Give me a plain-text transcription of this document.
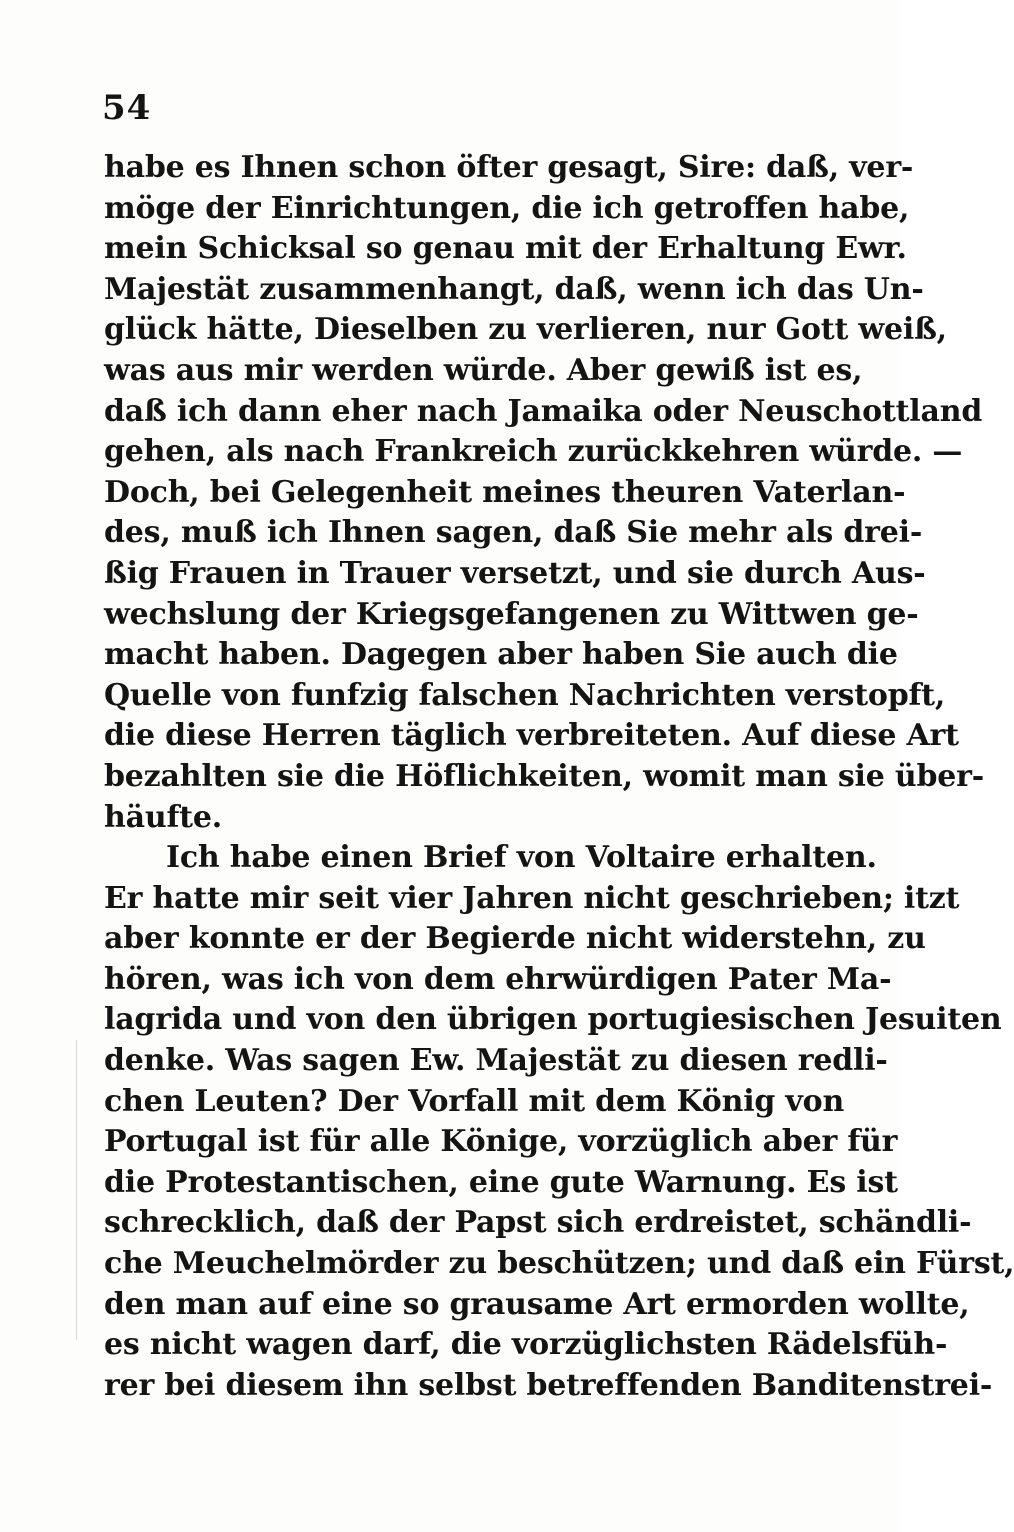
54
habe es Ihnen schon öfter gesagt, Sire: daß, ver-
möge der Einrichtungen, die ich getroffen habe,
mein Schicksal so genau mit der Erhaltung Ewr.
Majestät zusammenhangt, daß, wenn ich das Un-
glück hätte, Dieselben zu verlieren, nur Gott weiß,
was aus mir werden würde. Aber gewiß ist es,
daß ich dann eher nach Jamaika oder Neuschottland
gehen, als nach Frankreich zurückkehren würde. —
Doch, bei Gelegenheit meines theuren Vaterlan-
des, muß ich Ihnen sagen, daß Sie mehr als drei-
ßig Frauen in Trauer versetzt, und sie durch Aus-
wechslung der Kriegsgefangenen zu Wittwen ge-
macht haben. Dagegen aber haben Sie auch die
Quelle von funfzig falschen Nachrichten verstopft,
die diese Herren täglich verbreiteten. Auf diese Art
bezahlten sie die Höflichkeiten, womit man sie über-
häufte.
Ich habe einen Brief von Voltaire erhalten.
Er hatte mir seit vier Jahren nicht geschrieben; itzt
aber konnte er der Begierde nicht widerstehn, zu
hören, was ich von dem ehrwürdigen Pater Ma-
lagrida und von den übrigen portugiesischen Jesuiten
denke. Was sagen Ew. Majestät zu diesen redli-
chen Leuten? Der Vorfall mit dem König von
Portugal ist für alle Könige, vorzüglich aber für
die Protestantischen, eine gute Warnung. Es ist
schrecklich, daß der Papst sich erdreistet, schändli-
che Meuchelmörder zu beschützen; und daß ein Fürst,
den man auf eine so grausame Art ermorden wollte,
es nicht wagen darf, die vorzüglichsten Rädelsfüh-
rer bei diesem ihn selbst betreffenden Banditenstrei-
